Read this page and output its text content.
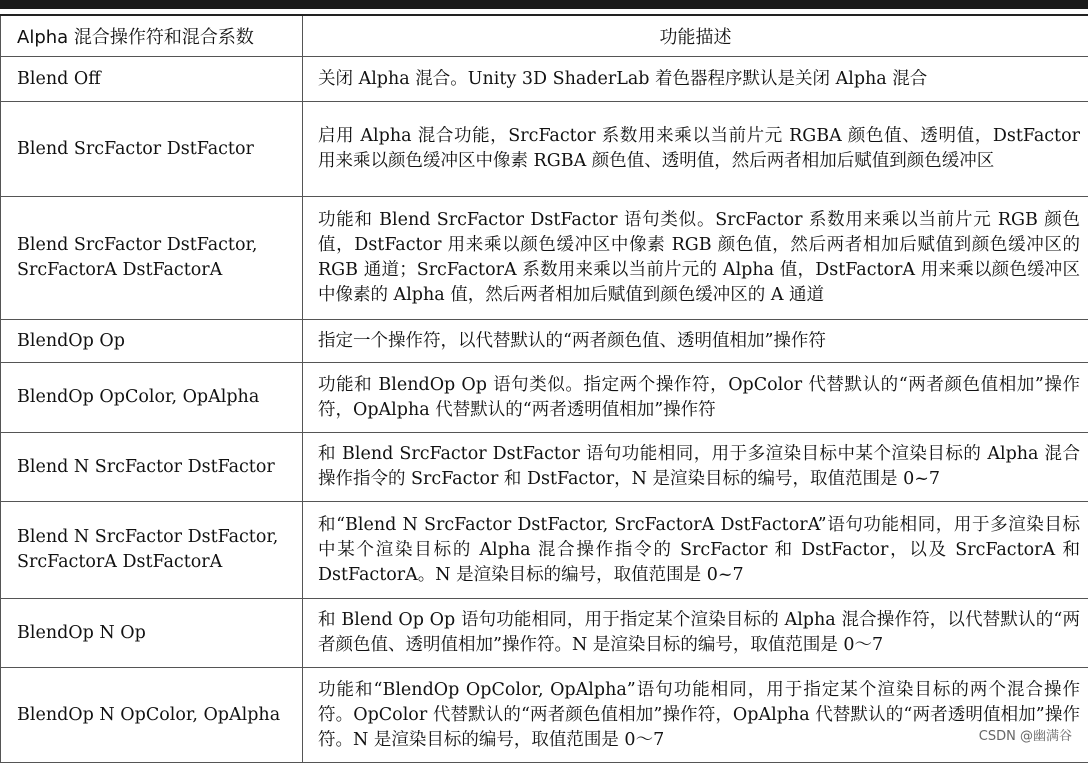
Alpha 混合操作符和混合系数	功能描述
Blend Off	关闭 Alpha 混合。Unity 3D ShaderLab 着色器程序默认是关闭 Alpha 混合
Blend SrcFactor DstFactor	启用 Alpha 混合功能，SrcFactor 系数用来乘以当前片元 RGBA 颜色值、透明值，DstFactor 用来乘以颜色缓冲区中像素 RGBA 颜色值、透明值，然后两者相加后赋值到颜色缓冲区
Blend SrcFactor DstFactor,
SrcFactorA DstFactorA	功能和 Blend SrcFactor DstFactor 语句类似。SrcFactor 系数用来乘以当前片元 RGB 颜色值，DstFactor 用来乘以颜色缓冲区中像素 RGB 颜色值，然后两者相加后赋值到颜色缓冲区的 RGB 通道；SrcFactorA 系数用来乘以当前片元的 Alpha 值，DstFactorA 用来乘以颜色缓冲区中像素的 Alpha 值，然后两者相加后赋值到颜色缓冲区的 A 通道
BlendOp Op	指定一个操作符，以代替默认的“两者颜色值、透明值相加”操作符
BlendOp OpColor, OpAlpha	功能和 BlendOp Op 语句类似。指定两个操作符，OpColor 代替默认的“两者颜色值相加”操作符，OpAlpha 代替默认的“两者透明值相加”操作符
Blend N SrcFactor DstFactor	和 Blend SrcFactor DstFactor 语句功能相同，用于多渲染目标中某个渲染目标的 Alpha 混合操作指令的 SrcFactor 和 DstFactor，N 是渲染目标的编号，取值范围是 0~7
Blend N SrcFactor DstFactor,
SrcFactorA DstFactorA	和“Blend N SrcFactor DstFactor, SrcFactorA DstFactorA”语句功能相同，用于多渲染目标中某个渲染目标的 Alpha 混合操作指令的 SrcFactor 和 DstFactor，以及 SrcFactorA 和 DstFactorA。N 是渲染目标的编号，取值范围是 0~7
BlendOp N Op	和 Blend Op Op 语句功能相同，用于指定某个渲染目标的 Alpha 混合操作符，以代替默认的“两者颜色值、透明值相加”操作符。N 是渲染目标的编号，取值范围是 0～7
BlendOp N OpColor, OpAlpha	功能和“BlendOp OpColor, OpAlpha”语句功能相同，用于指定某个渲染目标的两个混合操作符。OpColor 代替默认的“两者颜色值相加”操作符，OpAlpha 代替默认的“两者透明值相加”操作符。N 是渲染目标的编号，取值范围是 0～7	CSDN @幽满谷
